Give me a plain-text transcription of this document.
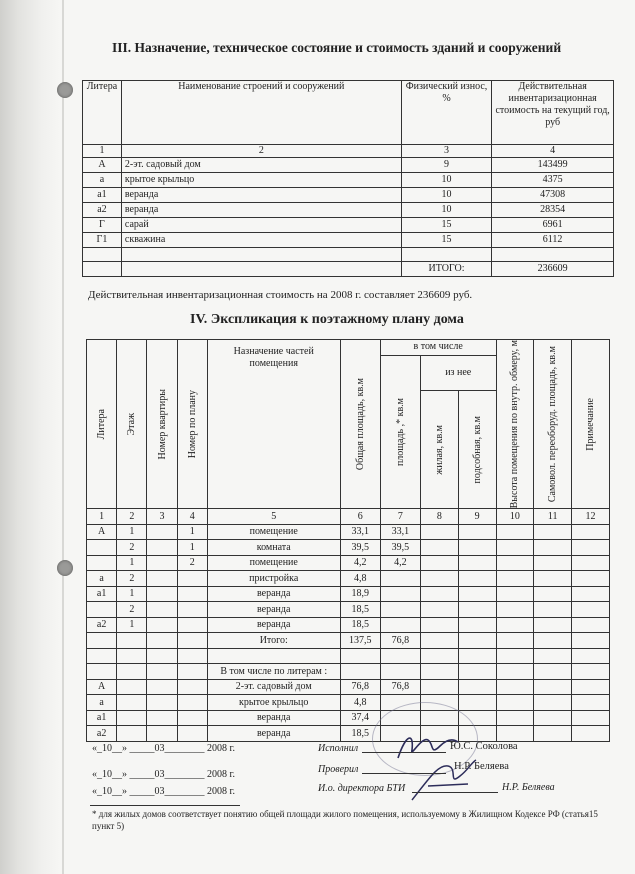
III. Назначение, техническое состояние и стоимость зданий и сооружений
Литера	Наименование строений и сооружений	Физический износ, %	Действительная инвентаризационная стоимость на текущий год, руб
1	2	3	4
А	2-эт. садовый дом	9	143499
а	крытое крыльцо	10	4375
а1	веранда	10	47308
а2	веранда	10	28354
Г	сарай	15	6961
Г1	скважина	15	6112

		ИТОГО:	236609
Действительная инвентаризационная стоимость на 2008 г. составляет 236609 руб.
IV. Экспликация к поэтажному плану дома
Литера	Этаж	Номер квартиры	Номер по плану	Назначение частей помещения	Общая площадь, кв.м	в том числе			Высота помещения по внутр. обмеру, м	Самовол. переоборуд. площадь, кв.м	Примечание

						площадь ,* кв.м	из нее				

							жилая, кв.м	подсобная, кв.м			

1	2	3	4	5	6	7	8	9	10	11	12
А	1		1	помещение	33,1	33,1					
	2		1	комната	39,5	39,5					
	1		2	помещение	4,2	4,2					
а	2			пристройка	4,8						
а1	1			веранда	18,9						
	2			веранда	18,5						
а2	1			веранда	18,5						
				Итого:	137,5	76,8					

				В том числе по литерам :							
А				2-эт. садовый дом	76,8	76,8					
а				крытое крыльцо	4,8						
а1				веранда	37,4						
а2				веранда	18,5						
«_10__» _____03________ 2008 г.
«_10__» _____03________ 2008 г.
«_10__» _____03________ 2008 г.
Исполнил	Ю.С. Соколова
Проверил	Н.Р. Беляева
И.о. директора БТИ	Н.Р. Беляева
* для жилых домов соответствует понятию общей площади жилого помещения, используемому в Жилищном Кодексе РФ (статья15 пункт 5)
